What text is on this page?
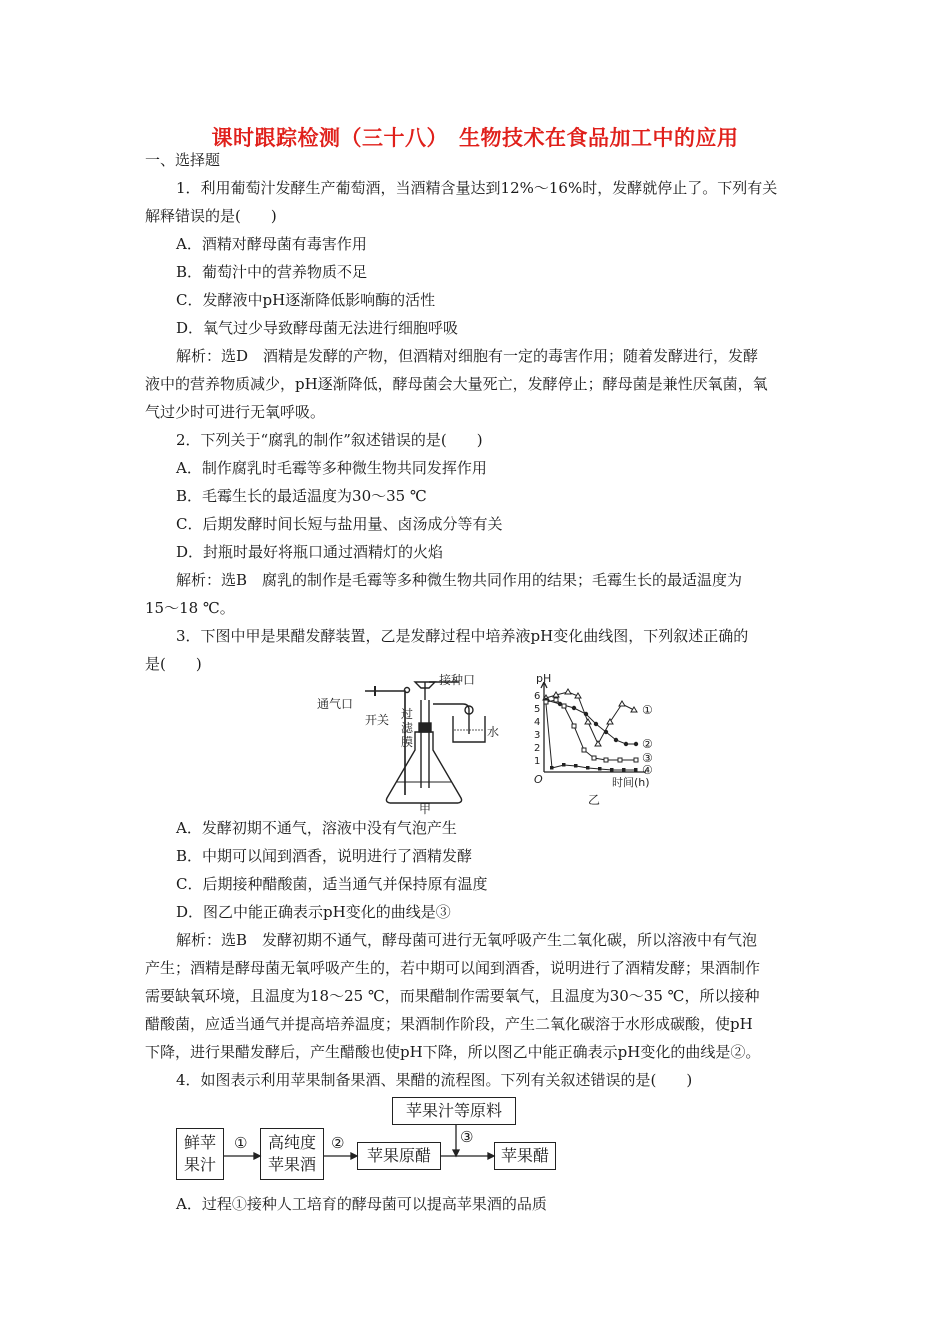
课时跟踪检测（三十八）　生物技术在食品加工中的应用
一、选择题
1．利用葡萄汁发酵生产葡萄酒，当酒精含量达到12%～16%时，发酵就停止了。下列有关
解释错误的是(　　)
A．酒精对酵母菌有毒害作用
B．葡萄汁中的营养物质不足
C．发酵液中pH逐渐降低影响酶的活性
D．氧气过少导致酵母菌无法进行细胞呼吸
解析：选D　酒精是发酵的产物，但酒精对细胞有一定的毒害作用；随着发酵进行，发酵
液中的营养物质减少，pH逐渐降低，酵母菌会大量死亡，发酵停止；酵母菌是兼性厌氧菌，氧
气过少时可进行无氧呼吸。
2．下列关于“腐乳的制作”叙述错误的是(　　)
A．制作腐乳时毛霉等多种微生物共同发挥作用
B．毛霉生长的最适温度为30～35 ℃
C．后期发酵时间长短与盐用量、卤汤成分等有关
D．封瓶时最好将瓶口通过酒精灯的火焰
解析：选B　腐乳的制作是毛霉等多种微生物共同作用的结果；毛霉生长的最适温度为
15～18 ℃。
3．下图中甲是果醋发酵装置，乙是发酵过程中培养液pH变化曲线图，下列叙述正确的
是(　　)
通气口
开关
接种口
水
过
滤
膜
甲
pH
1
2
3
4
5
6
O	时间(h)
乙
①
②
③
④
A．发酵初期不通气，溶液中没有气泡产生
B．中期可以闻到酒香，说明进行了酒精发酵
C．后期接种醋酸菌，适当通气并保持原有温度
D．图乙中能正确表示pH变化的曲线是③
解析：选B　发酵初期不通气，酵母菌可进行无氧呼吸产生二氧化碳，所以溶液中有气泡
产生；酒精是酵母菌无氧呼吸产生的，若中期可以闻到酒香，说明进行了酒精发酵；果酒制作
需要缺氧环境，且温度为18～25 ℃，而果醋制作需要氧气，且温度为30～35 ℃，所以接种
醋酸菌，应适当通气并提高培养温度；果酒制作阶段，产生二氧化碳溶于水形成碳酸，使pH
下降，进行果醋发酵后，产生醋酸也使pH下降，所以图乙中能正确表示pH变化的曲线是②。
4．如图表示利用苹果制备果酒、果醋的流程图。下列有关叙述错误的是(　　)
苹果汁等原料
鲜苹
果汁
高纯度
苹果酒	苹果原醋	苹果醋
①	②	③
A．过程①接种人工培育的酵母菌可以提高苹果酒的品质
